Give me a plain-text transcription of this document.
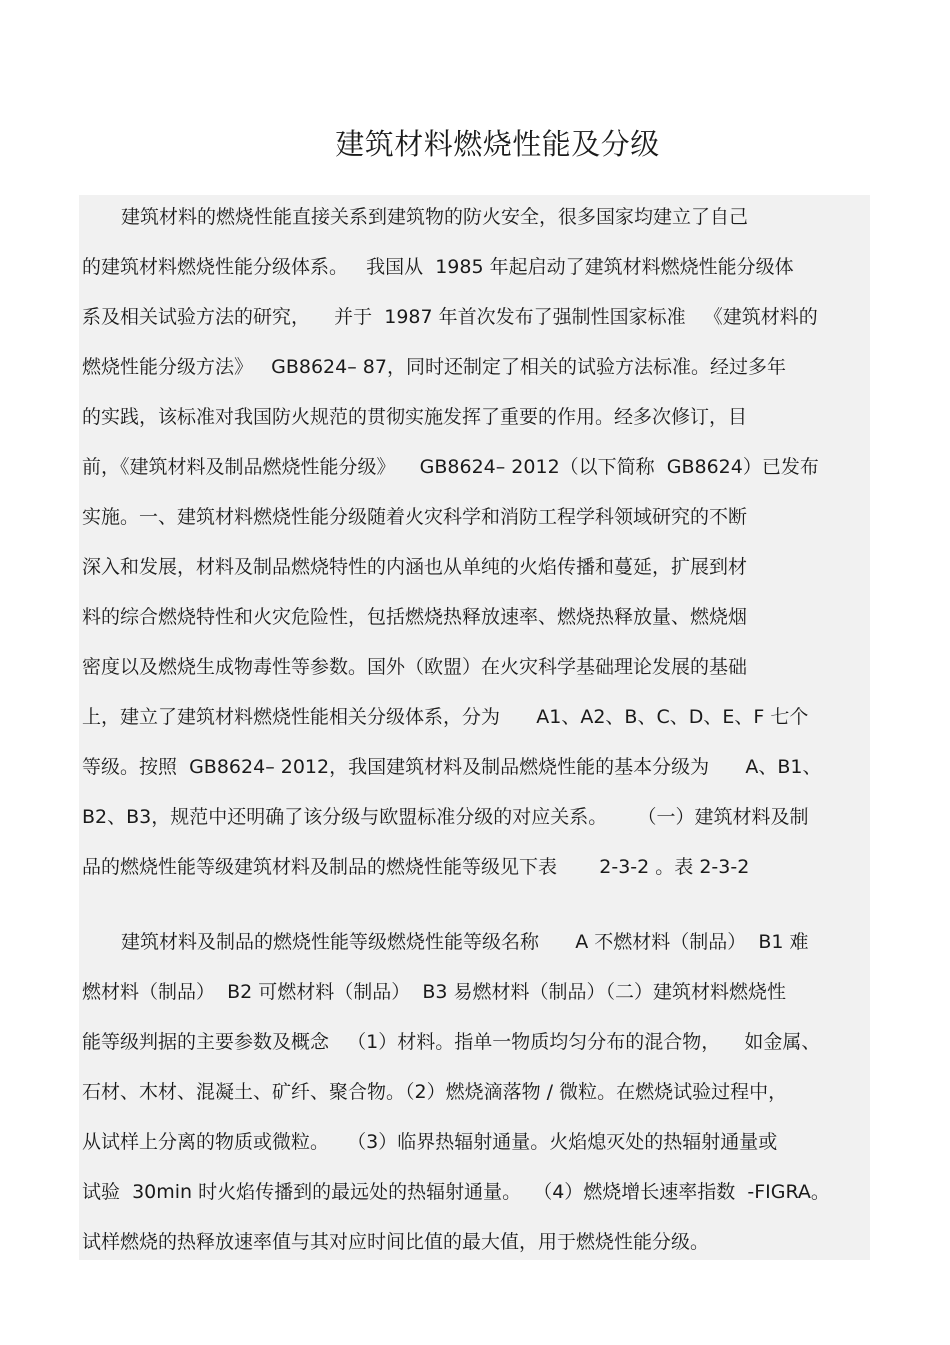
建筑材料燃烧性能及分级
建筑材料的燃烧性能直接关系到建筑物的防火安全，很多国家均建立了自己
的建筑材料燃烧性能分级体系。   我国从  1985 年起启动了建筑材料燃烧性能分级体
系及相关试验方法的研究，    并于  1987 年首次发布了强制性国家标准   《建筑材料的
燃烧性能分级方法》   GB8624– 87，同时还制定了相关的试验方法标准。经过多年
的实践，该标准对我国防火规范的贯彻实施发挥了重要的作用。经多次修订，目
前，《建筑材料及制品燃烧性能分级》    GB8624– 2012（以下简称  GB8624）已发布
实施。一、建筑材料燃烧性能分级随着火灾科学和消防工程学科领域研究的不断
深入和发展，材料及制品燃烧特性的内涵也从单纯的火焰传播和蔓延，扩展到材
料的综合燃烧特性和火灾危险性，包括燃烧热释放速率、燃烧热释放量、燃烧烟
密度以及燃烧生成物毒性等参数。国外（欧盟）在火灾科学基础理论发展的基础
上，建立了建筑材料燃烧性能相关分级体系，分为      A1、A2、B、C、D、E、F 七个
等级。按照  GB8624– 2012，我国建筑材料及制品燃烧性能的基本分级为      A、B1、
B2、B3，规范中还明确了该分级与欧盟标准分级的对应关系。     （一）建筑材料及制
品的燃烧性能等级建筑材料及制品的燃烧性能等级见下表       2-3-2 。表 2-3-2
建筑材料及制品的燃烧性能等级燃烧性能等级名称      A 不燃材料（制品）  B1 难
燃材料（制品）  B2 可燃材料（制品）  B3 易燃材料（制品）（二）建筑材料燃烧性
能等级判据的主要参数及概念   （1）材料。指单一物质均匀分布的混合物，    如金属、
石材、木材、混凝土、矿纤、聚合物。（2）燃烧滴落物 / 微粒。在燃烧试验过程中，
从试样上分离的物质或微粒。   （3）临界热辐射通量。火焰熄灭处的热辐射通量或
试验  30min 时火焰传播到的最远处的热辐射通量。  （4）燃烧增长速率指数  -FIGRA。
试样燃烧的热释放速率值与其对应时间比值的最大值，用于燃烧性能分级。
